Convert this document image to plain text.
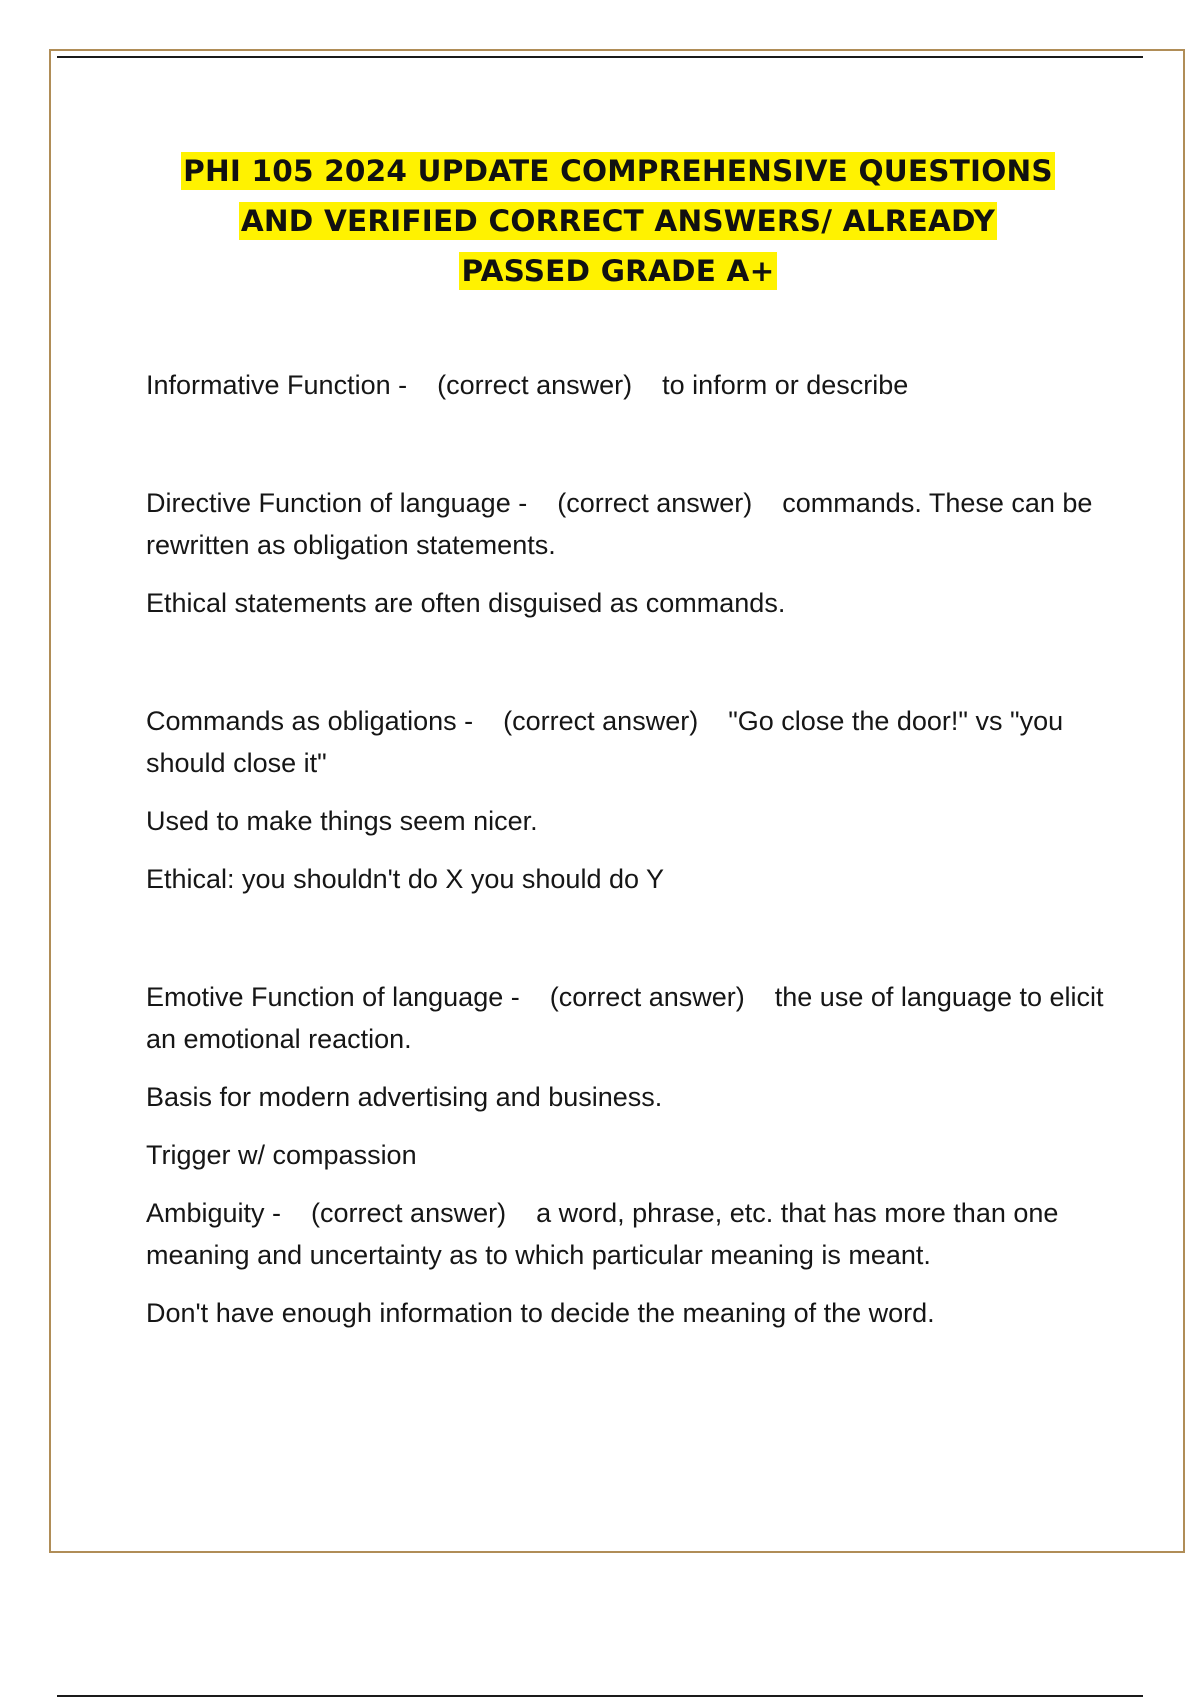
PHI 105 2024 UPDATE COMPREHENSIVE QUESTIONS
AND VERIFIED CORRECT ANSWERS/ ALREADY
PASSED GRADE A+

Informative Function -    (correct answer)    to inform or describe

Directive Function of language -    (correct answer)    commands. These can be rewritten as obligation statements.

Ethical statements are often disguised as commands.

Commands as obligations -    (correct answer)    "Go close the door!" vs "you should close it"

Used to make things seem nicer.

Ethical: you shouldn't do X you should do Y

Emotive Function of language -    (correct answer)    the use of language to elicit an emotional reaction.

Basis for modern advertising and business.

Trigger w/ compassion

Ambiguity -    (correct answer)    a word, phrase, etc. that has more than one meaning and uncertainty as to which particular meaning is meant.

Don't have enough information to decide the meaning of the word.
